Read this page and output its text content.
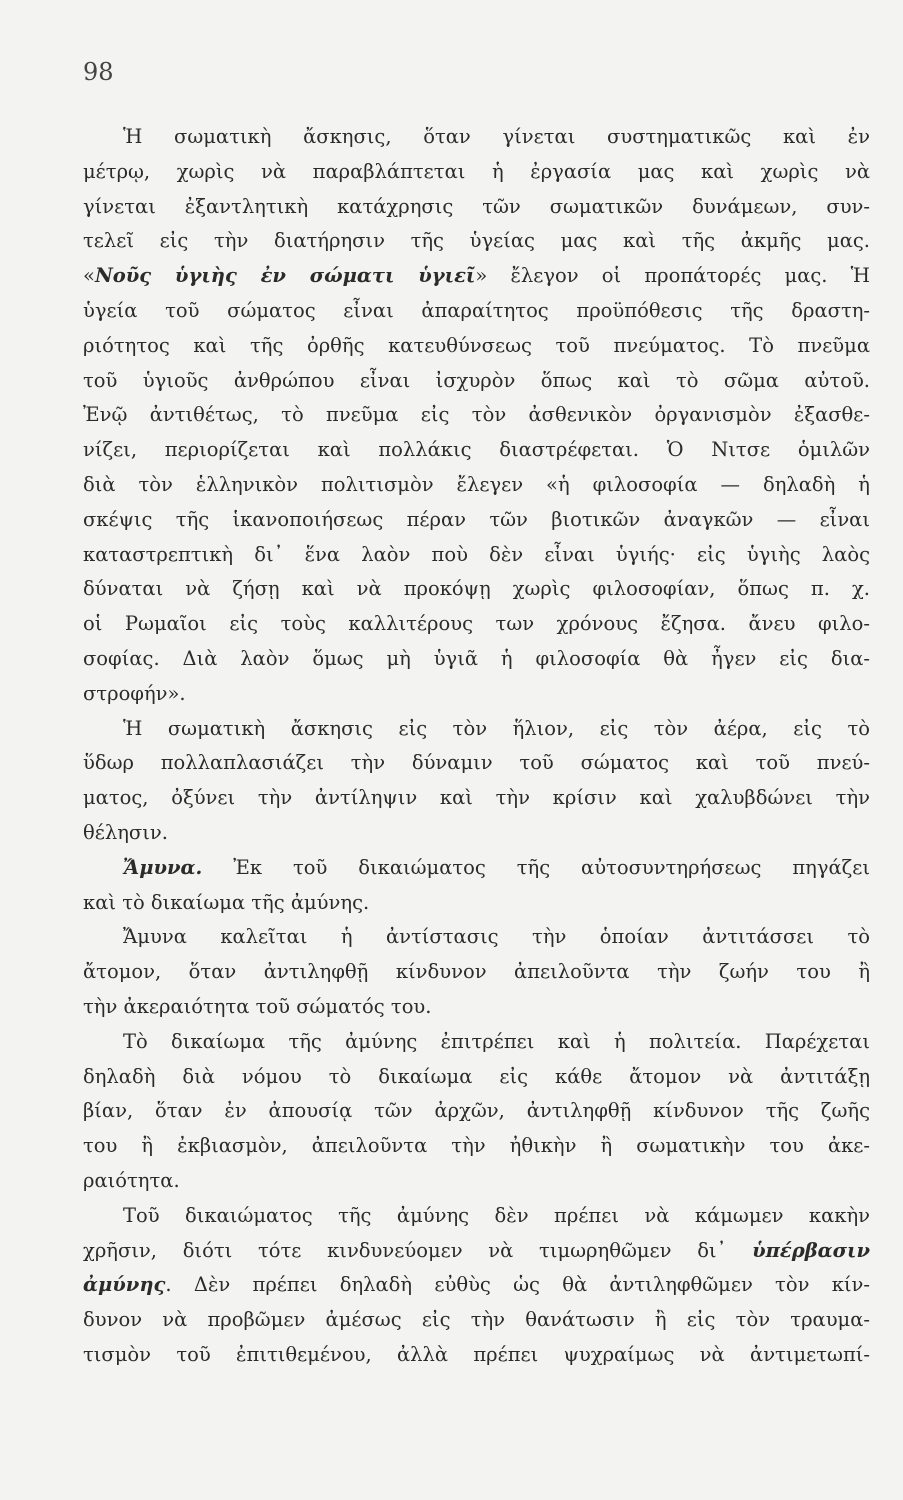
98
Ἡ σωματικὴ ἄσκησις, ὅταν γίνεται συστηματικῶς καὶ ἐν
μέτρῳ, χωρὶς νὰ παραβλάπτεται ἡ ἐργασία μας καὶ χωρὶς νὰ
γίνεται ἐξαντλητικὴ κατάχρησις τῶν σωματικῶν δυνάμεων, συν-
τελεῖ εἰς τὴν διατήρησιν τῆς ὑγείας μας καὶ τῆς ἀκμῆς μας.
«Νοῦς ὑγιὴς ἐν σώματι ὑγιεῖ» ἔλεγον οἱ προπάτορές μας. Ἡ
ὑγεία τοῦ σώματος εἶναι ἀπαραίτητος προϋπόθεσις τῆς δραστη-
ριότητος καὶ τῆς ὀρθῆς κατευθύνσεως τοῦ πνεύματος. Τὸ πνεῦμα
τοῦ ὑγιοῦς ἀνθρώπου εἶναι ἰσχυρὸν ὅπως καὶ τὸ σῶμα αὐτοῦ.
Ἐνῷ ἀντιθέτως, τὸ πνεῦμα εἰς τὸν ἀσθενικὸν ὀργανισμὸν ἐξασθε-
νίζει, περιορίζεται καὶ πολλάκις διαστρέφεται. Ὁ Νιτσε ὁμιλῶν
διὰ τὸν ἑλληνικὸν πολιτισμὸν ἔλεγεν «ἡ φιλοσοφία — δηλαδὴ ἡ
σκέψις τῆς ἱκανοποιήσεως πέραν τῶν βιοτικῶν ἀναγκῶν — εἶναι
καταστρεπτικὴ δι᾽ ἕνα λαὸν ποὺ δὲν εἶναι ὑγιής· εἰς ὑγιὴς λαὸς
δύναται νὰ ζήσῃ καὶ νὰ προκόψῃ χωρὶς φιλοσοφίαν, ὅπως π. χ.
οἱ Ρωμαῖοι εἰς τοὺς καλλιτέρους των χρόνους ἔζησα. ἄνευ φιλο-
σοφίας. Διὰ λαὸν ὅμως μὴ ὑγιᾶ ἡ φιλοσοφία θὰ ἦγεν εἰς δια-
στροφήν».
Ἡ σωματικὴ ἄσκησις εἰς τὸν ἥλιον, εἰς τὸν ἀέρα, εἰς τὸ
ὕδωρ πολλαπλασιάζει τὴν δύναμιν τοῦ σώματος καὶ τοῦ πνεύ-
ματος, ὀξύνει τὴν ἀντίληψιν καὶ τὴν κρίσιν καὶ χαλυβδώνει τὴν
θέλησιν.
Ἄμυνα. Ἐκ τοῦ δικαιώματος τῆς αὐτοσυντηρήσεως πηγάζει
καὶ τὸ δικαίωμα τῆς ἀμύνης.
Ἄμυνα καλεῖται ἡ ἀντίστασις τὴν ὁποίαν ἀντιτάσσει τὸ
ἄτομον, ὅταν ἀντιληφθῇ κίνδυνον ἀπειλοῦντα τὴν ζωήν του ἢ
τὴν ἀκεραιότητα τοῦ σώματός του.
Τὸ δικαίωμα τῆς ἀμύνης ἐπιτρέπει καὶ ἡ πολιτεία. Παρέχεται
δηλαδὴ διὰ νόμου τὸ δικαίωμα εἰς κάθε ἄτομον νὰ ἀντιτάξῃ
βίαν, ὅταν ἐν ἀπουσίᾳ τῶν ἀρχῶν, ἀντιληφθῇ κίνδυνον τῆς ζωῆς
του ἢ ἐκβιασμὸν, ἀπειλοῦντα τὴν ἠθικὴν ἢ σωματικὴν του ἀκε-
ραιότητα.
Τοῦ δικαιώματος τῆς ἀμύνης δὲν πρέπει νὰ κάμωμεν κακὴν
χρῆσιν, διότι τότε κινδυνεύομεν νὰ τιμωρηθῶμεν δι᾽ ὑπέρβασιν
ἀμύνης. Δὲν πρέπει δηλαδὴ εὐθὺς ὡς θὰ ἀντιληφθῶμεν τὸν κίν-
δυνον νὰ προβῶμεν ἀμέσως εἰς τὴν θανάτωσιν ἢ εἰς τὸν τραυμα-
τισμὸν τοῦ ἐπιτιθεμένου, ἀλλὰ πρέπει ψυχραίμως νὰ ἀντιμετωπί-
